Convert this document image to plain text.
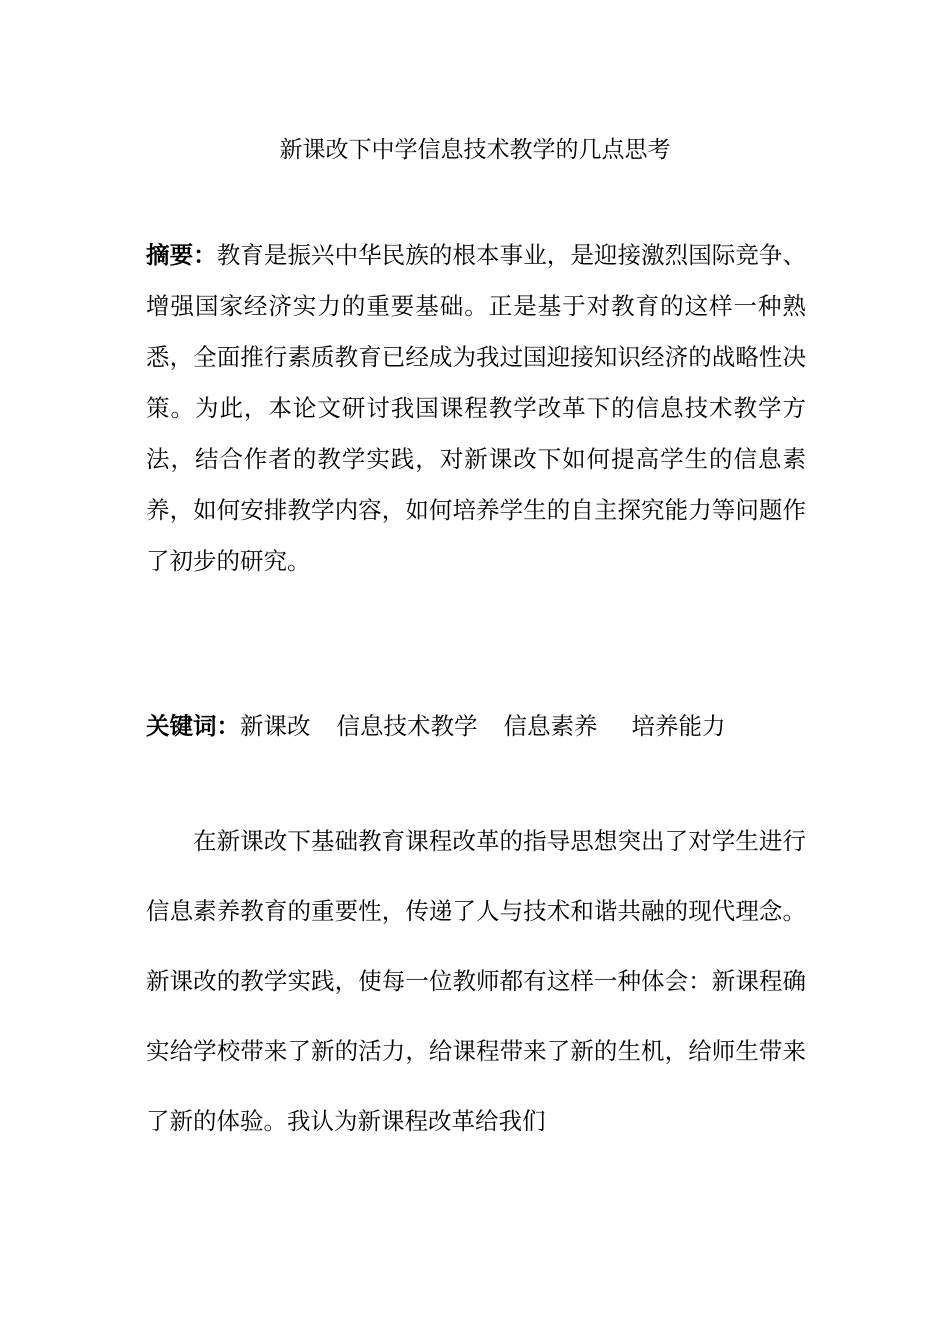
新课改下中学信息技术教学的几点思考
摘要：教育是振兴中华民族的根本事业，是迎接激烈国际竞争、增强国家经济实力的重要基础。正是基于对教育的这样一种熟悉，全面推行素质教育已经成为我过国迎接知识经济的战略性决策。为此，本论文研讨我国课程教学改革下的信息技术教学方法，结合作者的教学实践，对新课改下如何提高学生的信息素养，如何安排教学内容，如何培养学生的自主探究能力等问题作了初步的研究。
关键词：新课改 信息技术教学 信息素养 培养能力
在新课改下基础教育课程改革的指导思想突出了对学生进行信息素养教育的重要性，传递了人与技术和谐共融的现代理念。新课改的教学实践，使每一位教师都有这样一种体会：新课程确实给学校带来了新的活力，给课程带来了新的生机，给师生带来了新的体验。我认为新课程改革给我们
